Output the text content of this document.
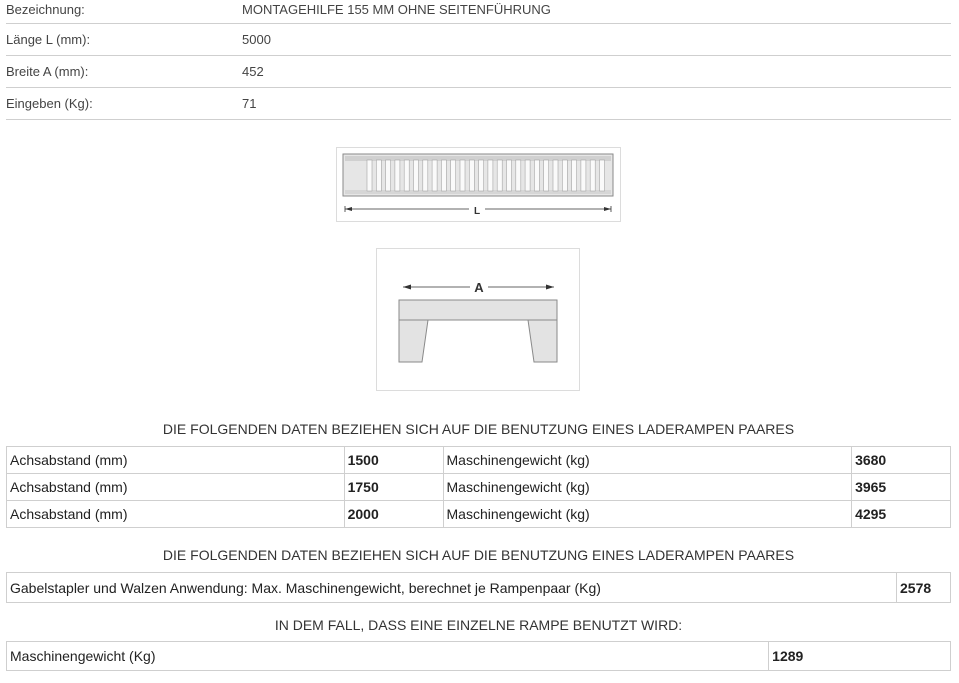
Bezeichnung:	MONTAGEHILFE 155 MM OHNE SEITENFÜHRUNG
Länge L (mm):	5000
Breite A (mm):	452
Eingeben (Kg):	71
L
A
DIE FOLGENDEN DATEN BEZIEHEN SICH AUF DIE BENUTZUNG EINES LADERAMPEN PAARES
Achsabstand (mm)	1500	Maschinengewicht (kg)	3680
Achsabstand (mm)	1750	Maschinengewicht (kg)	3965
Achsabstand (mm)	2000	Maschinengewicht (kg)	4295
DIE FOLGENDEN DATEN BEZIEHEN SICH AUF DIE BENUTZUNG EINES LADERAMPEN PAARES
Gabelstapler und Walzen Anwendung: Max. Maschinengewicht, berechnet je Rampenpaar (Kg)	2578
IN DEM FALL, DASS EINE EINZELNE RAMPE BENUTZT WIRD:
Maschinengewicht (Kg)	1289
